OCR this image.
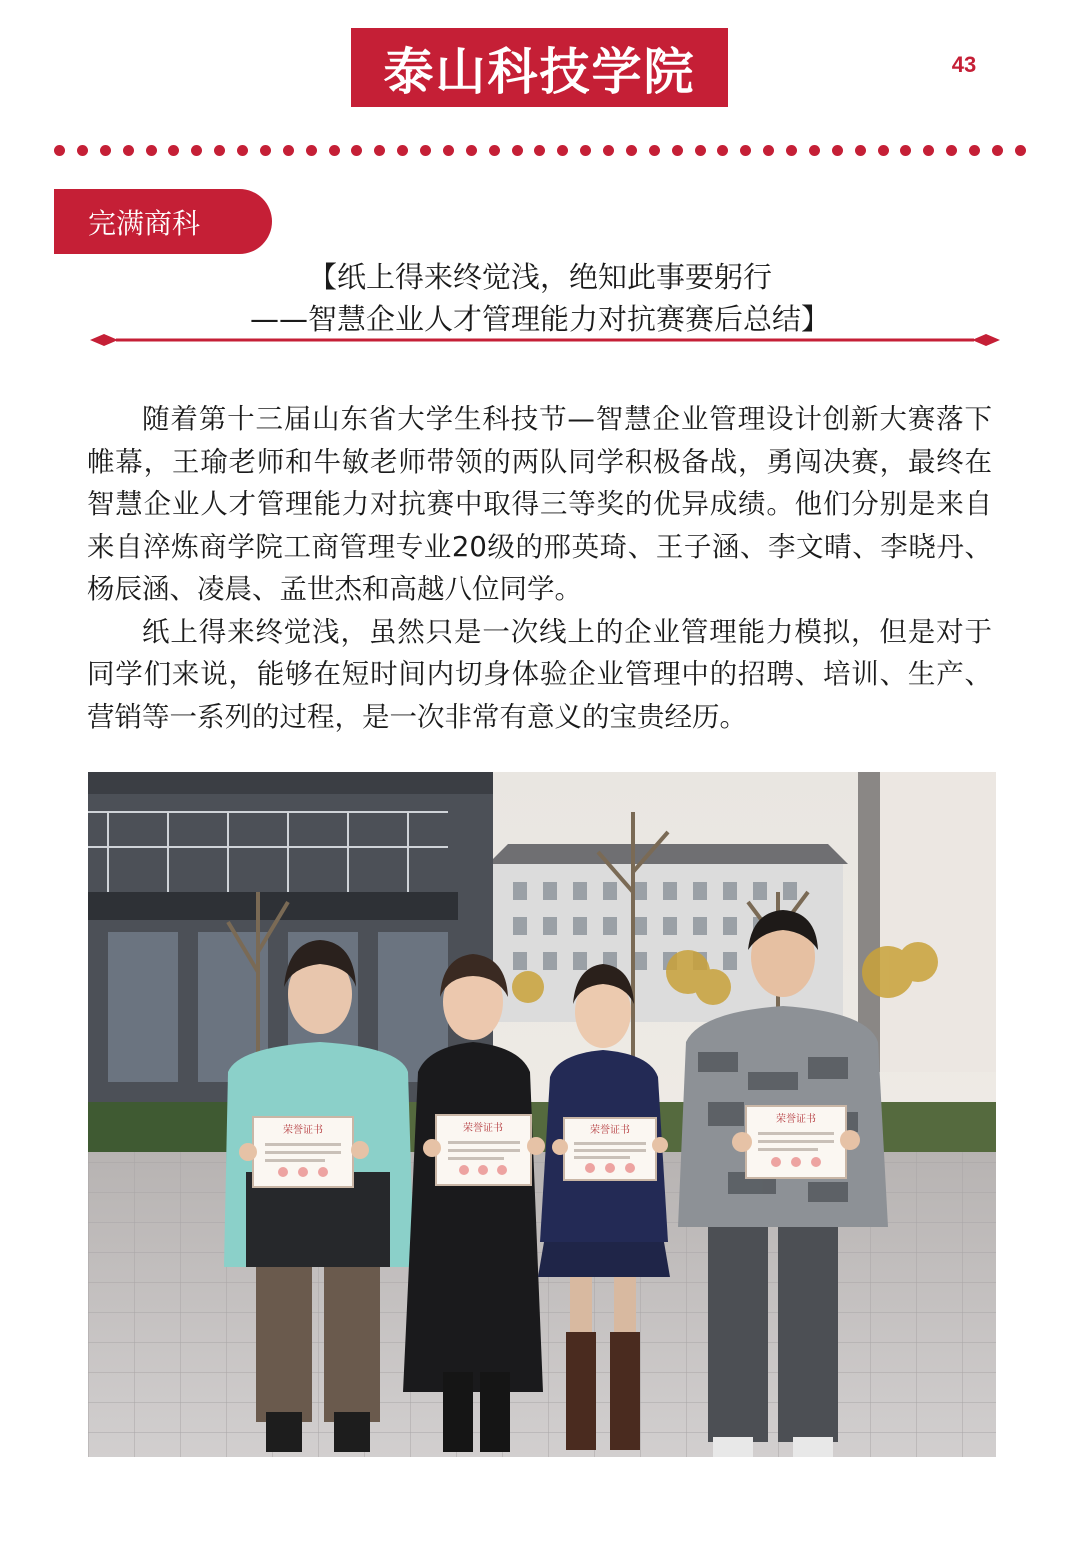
泰山科技学院	43
完满商科
【纸上得来终觉浅，绝知此事要躬行
——智慧企业人才管理能力对抗赛赛后总结】

随着第十三届山东省大学生科技节—智慧企业管理设计创新大赛落下帷幕，王瑜老师和牛敏老师带领的两队同学积极备战，勇闯决赛，最终在智慧企业人才管理能力对抗赛中取得三等奖的优异成绩。他们分别是来自来自淬炼商学院工商管理专业20级的邢英琦、王子涵、李文晴、李晓丹、杨辰涵、凌晨、孟世杰和高越八位同学。

纸上得来终觉浅，虽然只是一次线上的企业管理能力模拟，但是对于同学们来说，能够在短时间内切身体验企业管理中的招聘、培训、生产、营销等一系列的过程，是一次非常有意义的宝贵经历。

荣誉证书	荣誉证书	荣誉证书
荣誉证书
